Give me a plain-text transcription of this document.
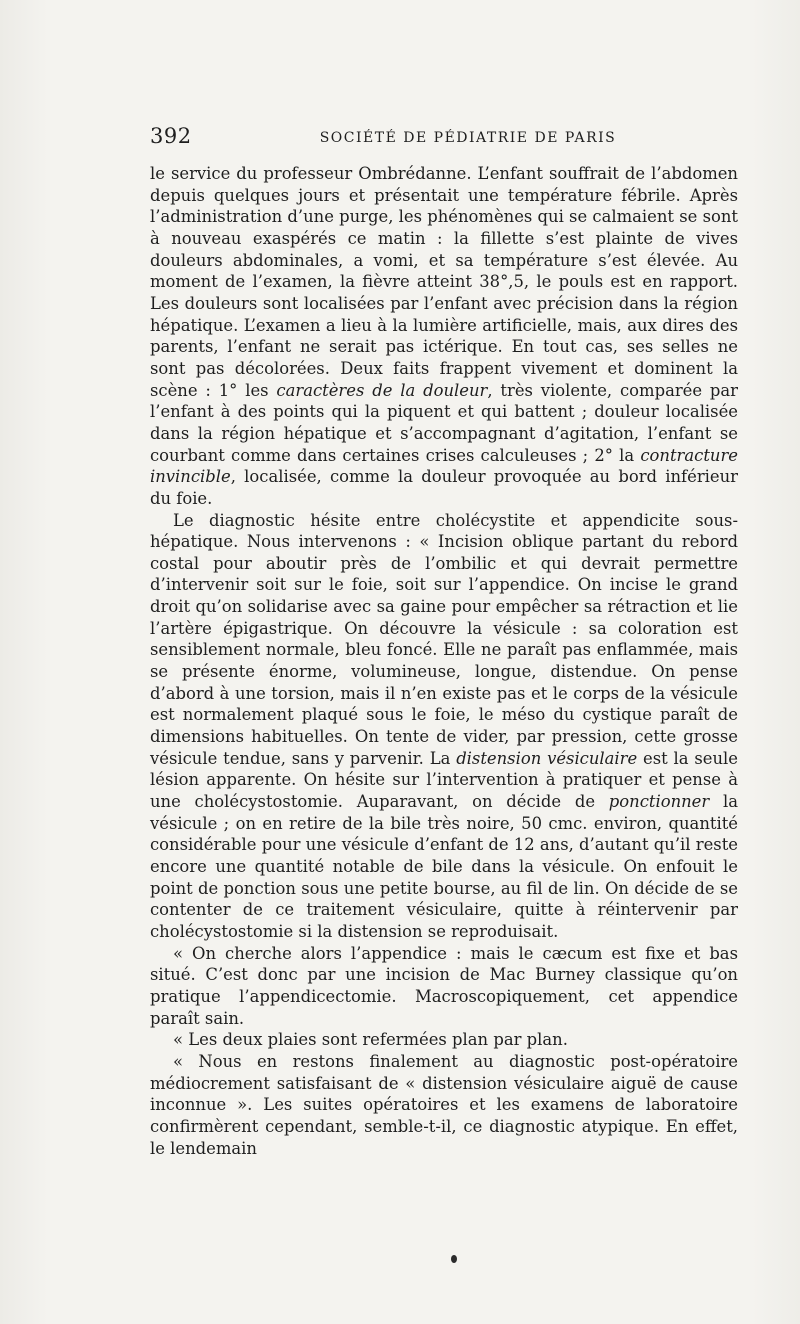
392	SOCIÉTÉ DE PÉDIATRIE DE PARIS

le service du professeur Ombrédanne. L’enfant souffrait de l’abdomen depuis quelques jours et présentait une température fébrile. Après l’administration d’une purge, les phénomènes qui se calmaient se sont à nouveau exaspérés ce matin : la fillette s’est plainte de vives douleurs abdominales, a vomi, et sa température s’est élevée. Au moment de l’examen, la fièvre atteint 38°,5, le pouls est en rapport. Les douleurs sont localisées par l’enfant avec précision dans la région hépatique. L’examen a lieu à la lumière artificielle, mais, aux dires des parents, l’enfant ne serait pas ictérique. En tout cas, ses selles ne sont pas décolorées. Deux faits frappent vivement et dominent la scène : 1° les caractères de la douleur, très violente, comparée par l’enfant à des points qui la piquent et qui battent ; douleur localisée dans la région hépatique et s’accompagnant d’agitation, l’enfant se courbant comme dans certaines crises calculeuses ; 2° la contracture invincible, localisée, comme la douleur provoquée au bord inférieur du foie.

Le diagnostic hésite entre cholécystite et appendicite sous-hépatique. Nous intervenons : « Incision oblique partant du rebord costal pour aboutir près de l’ombilic et qui devrait permettre d’intervenir soit sur le foie, soit sur l’appendice. On incise le grand droit qu’on solidarise avec sa gaine pour empêcher sa rétraction et lie l’artère épigastrique. On découvre la vésicule : sa coloration est sensiblement normale, bleu foncé. Elle ne paraît pas enflammée, mais se présente énorme, volumineuse, longue, distendue. On pense d’abord à une torsion, mais il n’en existe pas et le corps de la vésicule est normalement plaqué sous le foie, le méso du cystique paraît de dimensions habituelles. On tente de vider, par pression, cette grosse vésicule tendue, sans y parvenir. La distension vésiculaire est la seule lésion apparente. On hésite sur l’intervention à pratiquer et pense à une cholécystostomie. Auparavant, on décide de ponctionner la vésicule ; on en retire de la bile très noire, 50 cmc. environ, quantité considérable pour une vésicule d’enfant de 12 ans, d’autant qu’il reste encore une quantité notable de bile dans la vésicule. On enfouit le point de ponction sous une petite bourse, au fil de lin. On décide de se contenter de ce traitement vésiculaire, quitte à réintervenir par cholécystostomie si la distension se reproduisait.

« On cherche alors l’appendice : mais le cæcum est fixe et bas situé. C’est donc par une incision de Mac Burney classique qu’on pratique l’appendicectomie. Macroscopiquement, cet appendice paraît sain.

« Les deux plaies sont refermées plan par plan.

« Nous en restons finalement au diagnostic post-opératoire médiocrement satisfaisant de « distension vésiculaire aiguë de cause inconnue ». Les suites opératoires et les examens de laboratoire confirmèrent cependant, semble-t-il, ce diagnostic atypique. En effet, le lendemain
